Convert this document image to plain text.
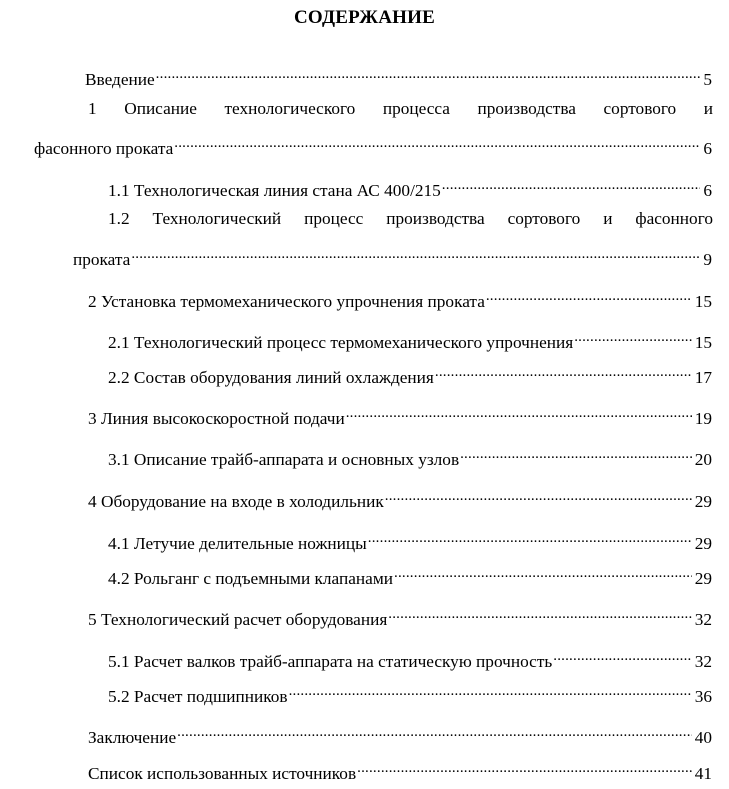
СОДЕРЖАНИЕ
Введение .....	5
1 Описание технологического процесса производства сортового и
фасонного проката .....	6
1.1 Технологическая линия стана АС 400/215 .....	6
1.2 Технологический процесс производства сортового и фасонного
проката .....	9
2 Установка термомеханического упрочнения проката .....	15
2.1 Технологический процесс термомеханического упрочнения .....	15
2.2 Состав оборудования линий охлаждения .....	17
3 Линия высокоскоростной подачи .....	19
3.1 Описание трайб-аппарата и основных узлов .....	20
4 Оборудование на входе в холодильник .....	29
4.1 Летучие делительные ножницы .....	29
4.2 Рольганг с подъемными клапанами .....	29
5 Технологический расчет оборудования .....	32
5.1 Расчет валков трайб-аппарата на статическую прочность .....	32
5.2 Расчет подшипников .....	36
Заключение .....	40
Список использованных источников .....	41
